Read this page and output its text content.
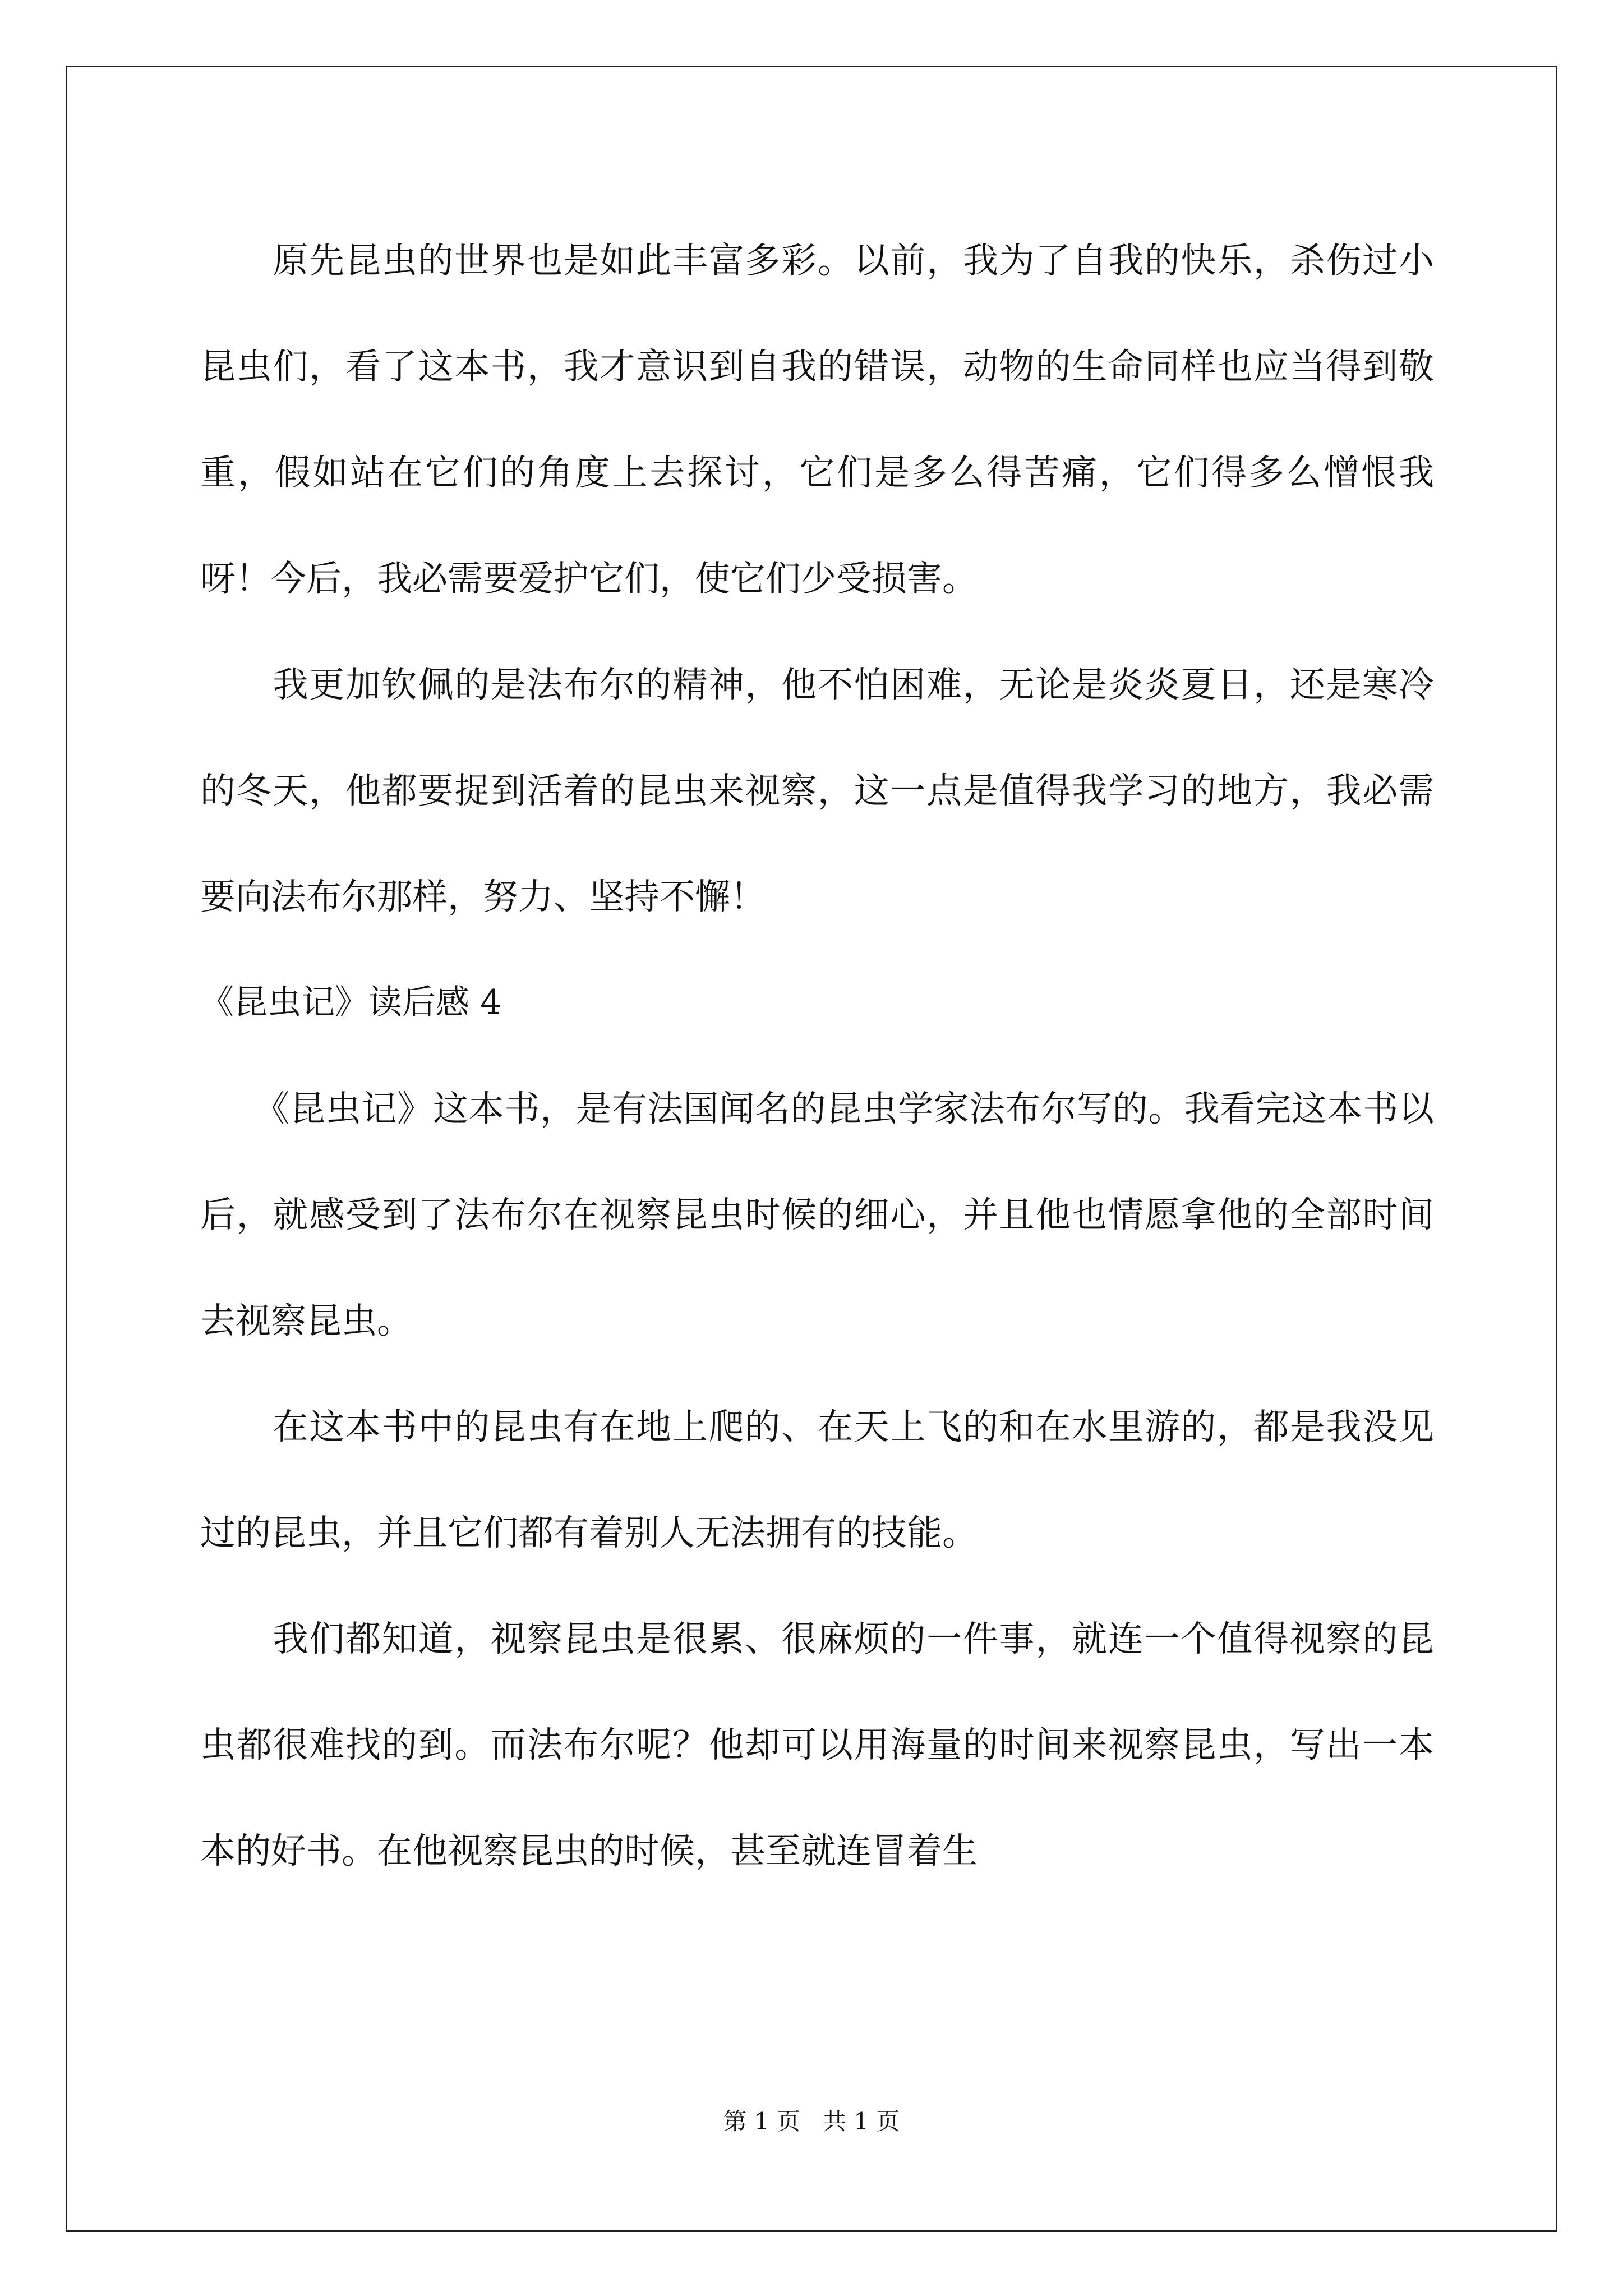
　　原先昆虫的世界也是如此丰富多彩。以前，我为了自我的快乐，杀伤过小昆虫们，看了这本书，我才意识到自我的错误，动物的生命同样也应当得到敬重，假如站在它们的角度上去探讨，它们是多么得苦痛，它们得多么憎恨我呀！今后，我必需要爱护它们，使它们少受损害。

　　我更加钦佩的是法布尔的精神，他不怕困难，无论是炎炎夏日，还是寒冷的冬天，他都要捉到活着的昆虫来视察，这一点是值得我学习的地方，我必需要向法布尔那样，努力、坚持不懈！

《昆虫记》读后感 4

　　《昆虫记》这本书，是有法国闻名的昆虫学家法布尔写的。我看完这本书以后，就感受到了法布尔在视察昆虫时候的细心，并且他也情愿拿他的全部时间去视察昆虫。

　　在这本书中的昆虫有在地上爬的、在天上飞的和在水里游的，都是我没见过的昆虫，并且它们都有着别人无法拥有的技能。

　　我们都知道，视察昆虫是很累、很麻烦的一件事，就连一个值得视察的昆虫都很难找的到。而法布尔呢？他却可以用海量的时间来视察昆虫，写出一本本的好书。在他视察昆虫的时候，甚至就连冒着生

第 1 页 共 1 页
